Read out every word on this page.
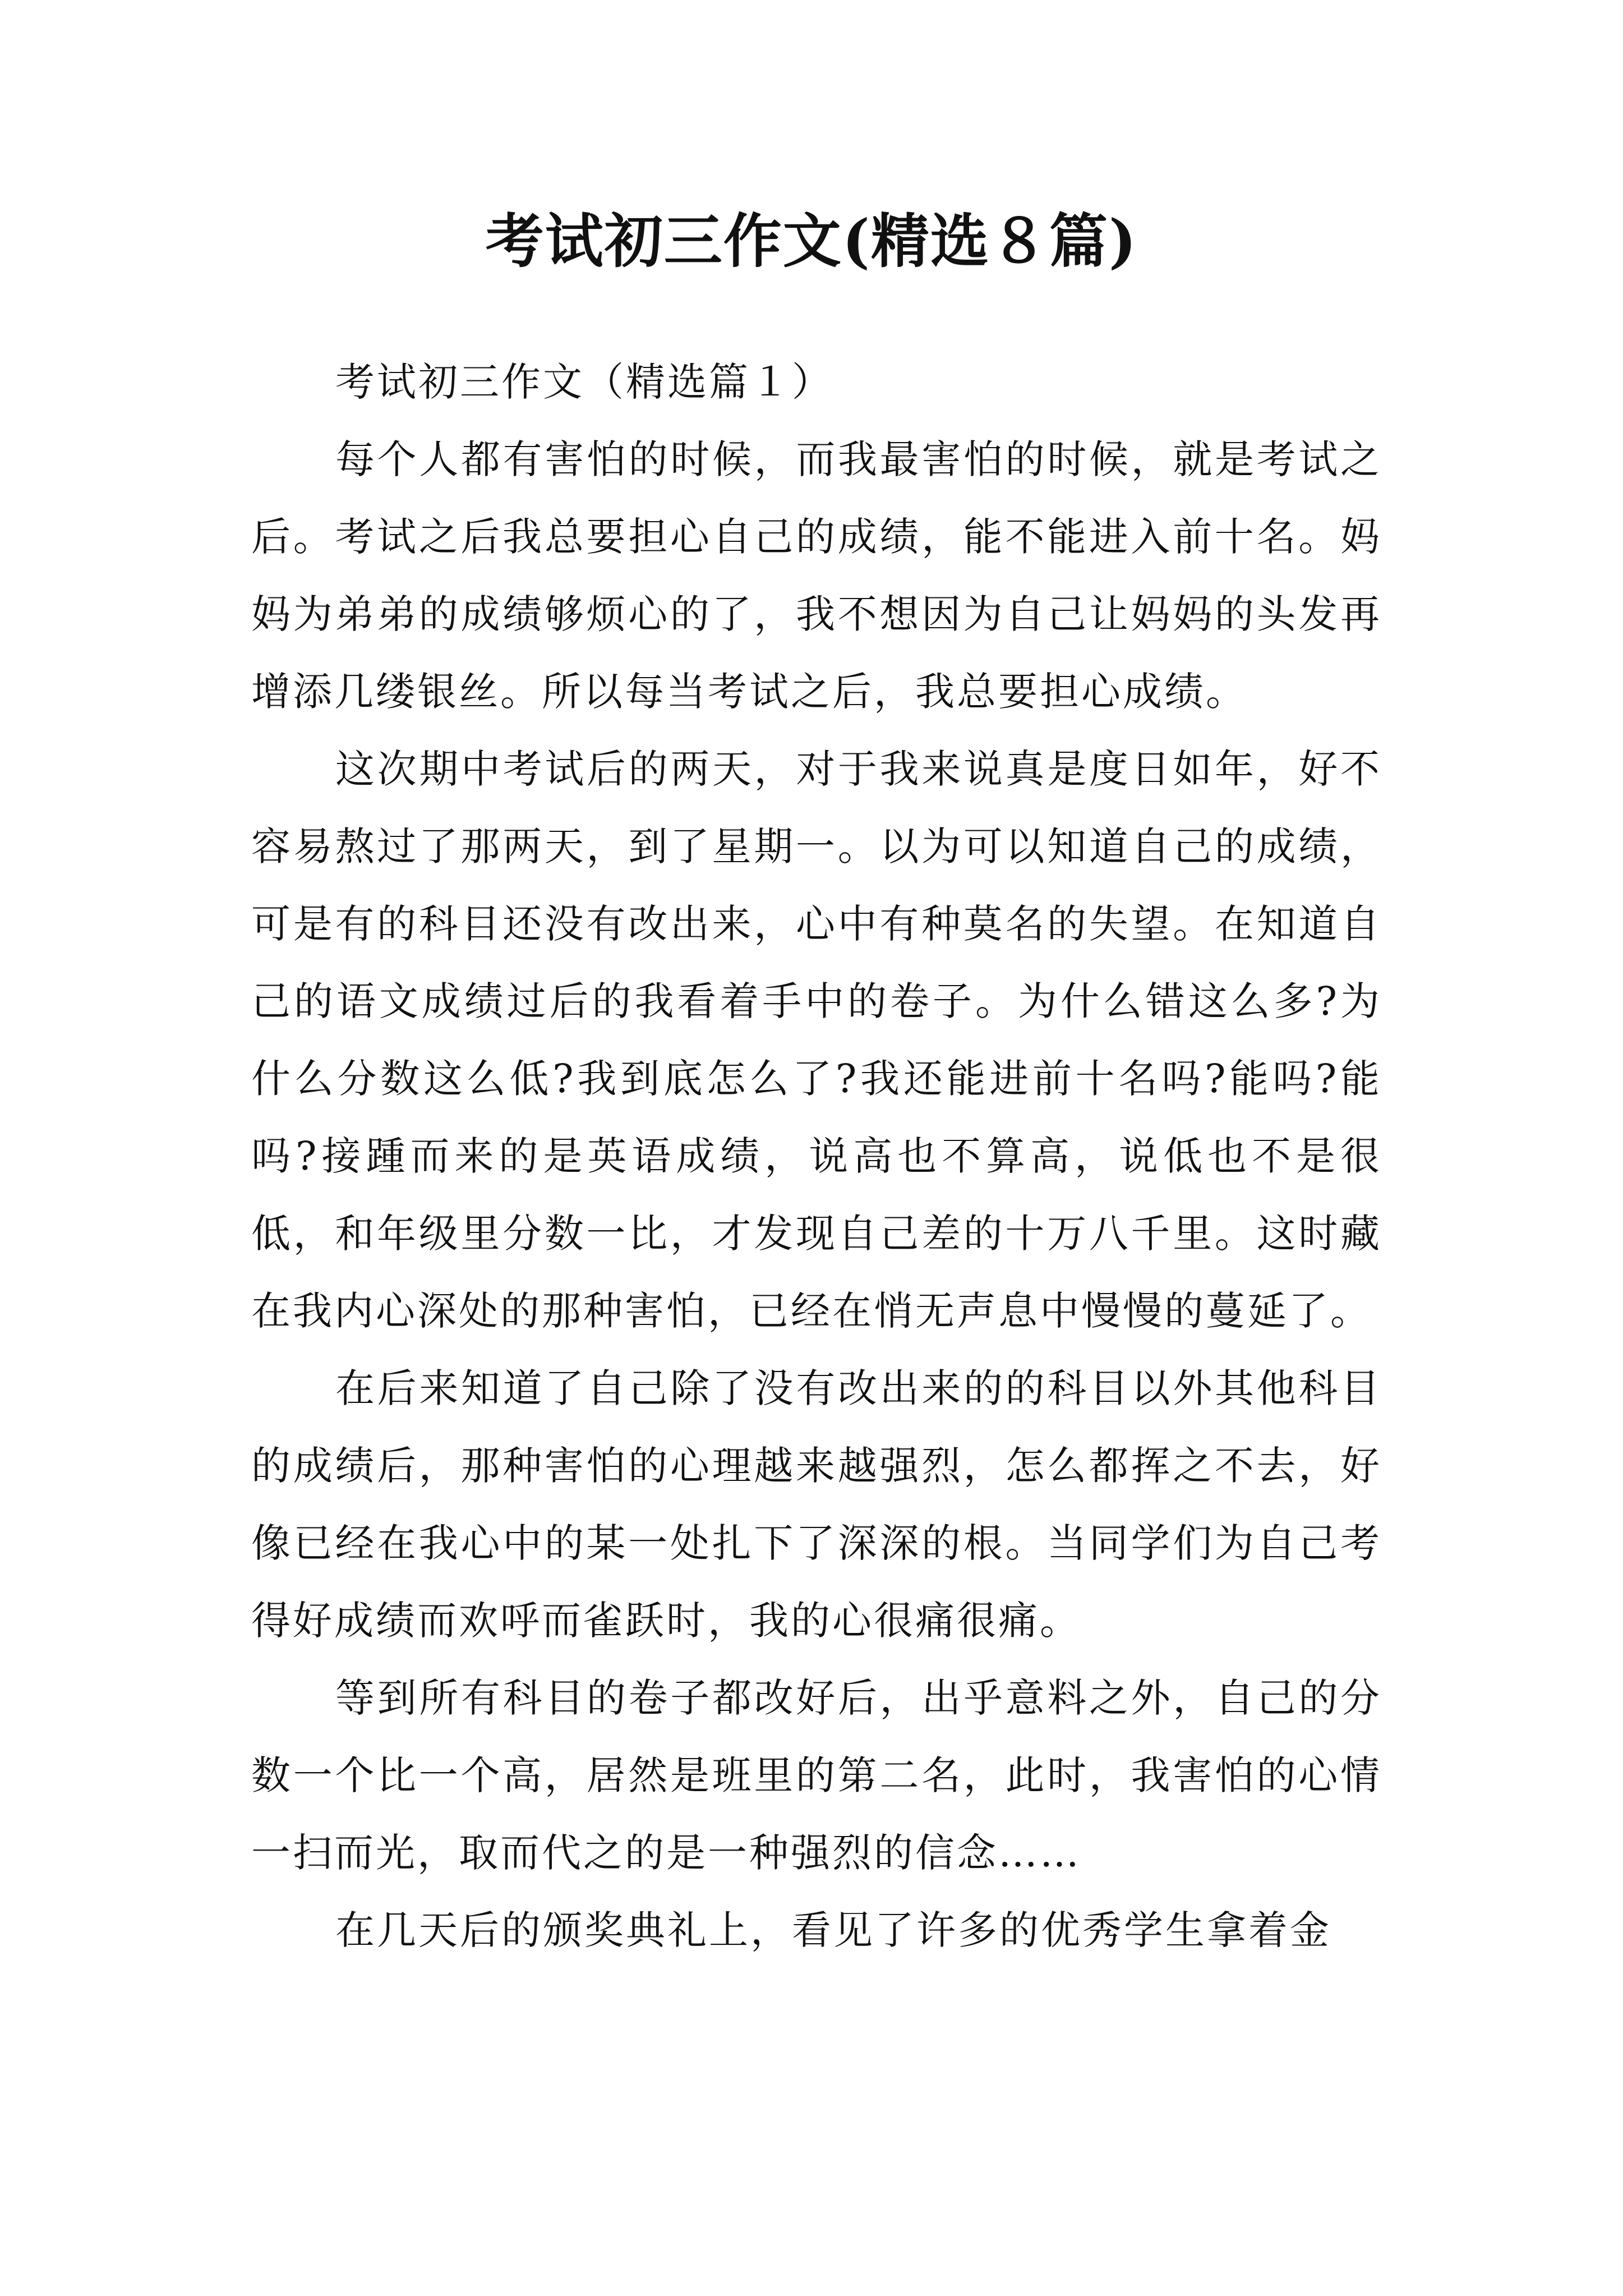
考试初三作文(精选８篇)

考试初三作文（精选篇１）

每个人都有害怕的时候，而我最害怕的时候，就是考试之后。考试之后我总要担心自己的成绩，能不能进入前十名。妈妈为弟弟的成绩够烦心的了，我不想因为自己让妈妈的头发再增添几缕银丝。所以每当考试之后，我总要担心成绩。

这次期中考试后的两天，对于我来说真是度日如年，好不容易熬过了那两天，到了星期一。以为可以知道自己的成绩，可是有的科目还没有改出来，心中有种莫名的失望。在知道自己的语文成绩过后的我看着手中的卷子。为什么错这么多?为什么分数这么低?我到底怎么了?我还能进前十名吗?能吗?能吗?接踵而来的是英语成绩，说高也不算高，说低也不是很低，和年级里分数一比，才发现自己差的十万八千里。这时藏在我内心深处的那种害怕，已经在悄无声息中慢慢的蔓延了。

在后来知道了自己除了没有改出来的的科目以外其他科目的成绩后，那种害怕的心理越来越强烈，怎么都挥之不去，好像已经在我心中的某一处扎下了深深的根。当同学们为自己考得好成绩而欢呼而雀跃时，我的心很痛很痛。

等到所有科目的卷子都改好后，出乎意料之外，自己的分数一个比一个高，居然是班里的第二名，此时，我害怕的心情一扫而光，取而代之的是一种强烈的信念……

在几天后的颁奖典礼上，看见了许多的优秀学生拿着金
